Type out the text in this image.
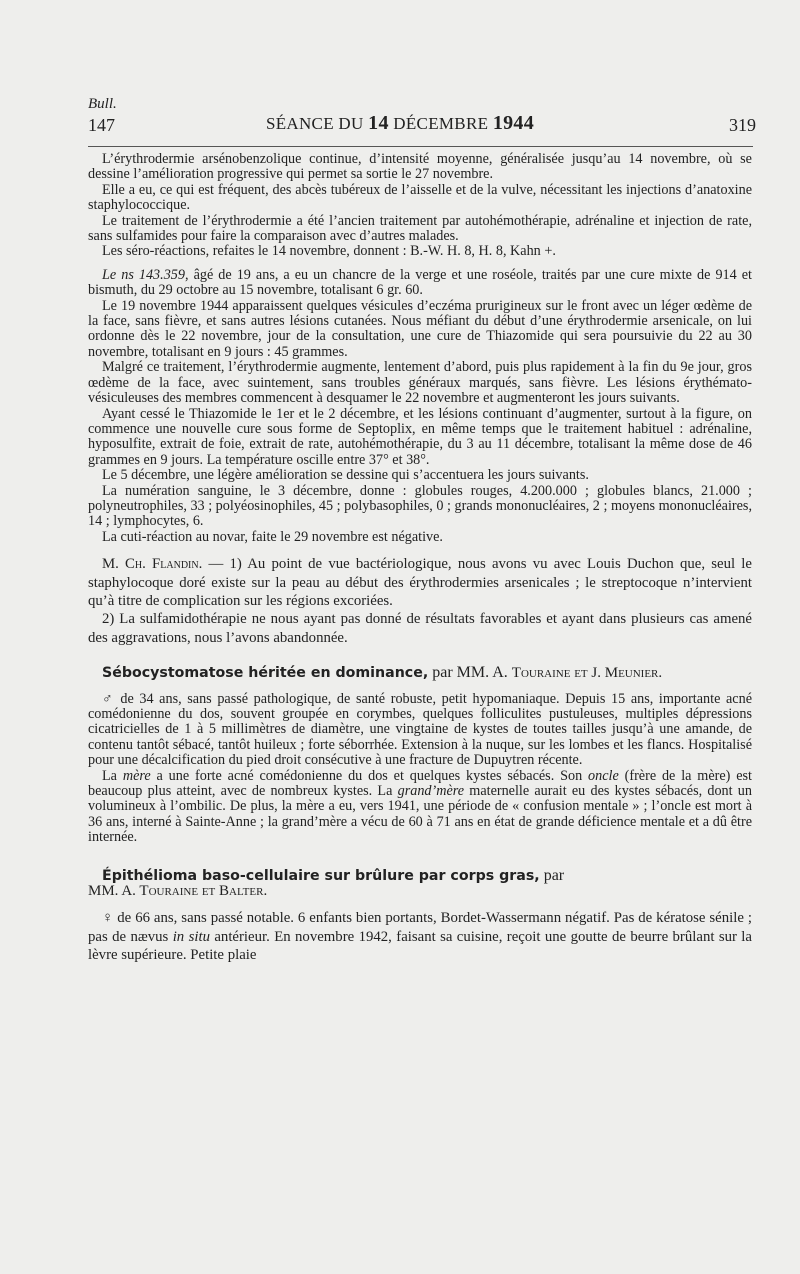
Bull.
147	SÉANCE DU 14 DÉCEMBRE 1944	319

L’érythrodermie arsénobenzolique continue, d’intensité moyenne, généralisée jusqu’au 14 novembre, où se dessine l’amélioration progressive qui permet sa sortie le 27 novembre.

Elle a eu, ce qui est fréquent, des abcès tubéreux de l’aisselle et de la vulve, nécessitant les injections d’anatoxine staphylococcique.

Le traitement de l’érythrodermie a été l’ancien traitement par autohémothérapie, adrénaline et injection de rate, sans sulfamides pour faire la comparaison avec d’autres malades.

Les séro-réactions, refaites le 14 novembre, donnent : B.-W. H. 8, H. 8, Kahn +.

Le ns 143.359, âgé de 19 ans, a eu un chancre de la verge et une roséole, traités par une cure mixte de 914 et bismuth, du 29 octobre au 15 novembre, totalisant 6 gr. 60.

Le 19 novembre 1944 apparaissent quelques vésicules d’eczéma prurigineux sur le front avec un léger œdème de la face, sans fièvre, et sans autres lésions cutanées. Nous méfiant du début d’une érythrodermie arsenicale, on lui ordonne dès le 22 novembre, jour de la consultation, une cure de Thiazomide qui sera poursuivie du 22 au 30 novembre, totalisant en 9 jours : 45 grammes.

Malgré ce traitement, l’érythrodermie augmente, lentement d’abord, puis plus rapidement à la fin du 9e jour, gros œdème de la face, avec suintement, sans troubles généraux marqués, sans fièvre. Les lésions érythémato-vésiculeuses des membres commencent à desquamer le 22 novembre et augmenteront les jours suivants.

Ayant cessé le Thiazomide le 1er et le 2 décembre, et les lésions continuant d’augmenter, surtout à la figure, on commence une nouvelle cure sous forme de Septoplix, en même temps que le traitement habituel : adrénaline, hyposulfite, extrait de foie, extrait de rate, autohémothérapie, du 3 au 11 décembre, totalisant la même dose de 46 grammes en 9 jours. La température oscille entre 37° et 38°.

Le 5 décembre, une légère amélioration se dessine qui s’accentuera les jours suivants.

La numération sanguine, le 3 décembre, donne : globules rouges, 4.200.000 ; globules blancs, 21.000 ; polyneutrophiles, 33 ; polyéosinophiles, 45 ; polybasophiles, 0 ; grands mononucléaires, 2 ; moyens mononucléaires, 14 ; lymphocytes, 6.

La cuti-réaction au novar, faite le 29 novembre est négative.

M. Ch. Flandin. — 1) Au point de vue bactériologique, nous avons vu avec Louis Duchon que, seul le staphylocoque doré existe sur la peau au début des érythrodermies arsenicales ; le streptocoque n’intervient qu’à titre de complication sur les régions excoriées.

2) La sulfamidothérapie ne nous ayant pas donné de résultats favorables et ayant dans plusieurs cas amené des aggravations, nous l’avons abandonnée.

Sébocystomatose héritée en dominance, par MM. A. Touraine et J. Meunier.

♂ de 34 ans, sans passé pathologique, de santé robuste, petit hypomaniaque. Depuis 15 ans, importante acné comédonienne du dos, souvent groupée en corymbes, quelques folliculites pustuleuses, multiples dépressions cicatricielles de 1 à 5 millimètres de diamètre, une vingtaine de kystes de toutes tailles jusqu’à une amande, de contenu tantôt sébacé, tantôt huileux ; forte séborrhée. Extension à la nuque, sur les lombes et les flancs. Hospitalisé pour une décalcification du pied droit consécutive à une fracture de Dupuytren récente.

La mère a une forte acné comédonienne du dos et quelques kystes sébacés. Son oncle (frère de la mère) est beaucoup plus atteint, avec de nombreux kystes. La grand’mère maternelle aurait eu des kystes sébacés, dont un volumineux à l’ombilic. De plus, la mère a eu, vers 1941, une période de « confusion mentale » ; l’oncle est mort à 36 ans, interné à Sainte-Anne ; la grand’mère a vécu de 60 à 71 ans en état de grande déficience mentale et a dû être internée.

Épithélioma baso-cellulaire sur brûlure par corps gras, par
MM. A. Touraine et Balter.

♀ de 66 ans, sans passé notable. 6 enfants bien portants, Bordet-Wassermann négatif. Pas de kératose sénile ; pas de nævus in situ antérieur. En novembre 1942, faisant sa cuisine, reçoit une goutte de beurre brûlant sur la lèvre supérieure. Petite plaie
